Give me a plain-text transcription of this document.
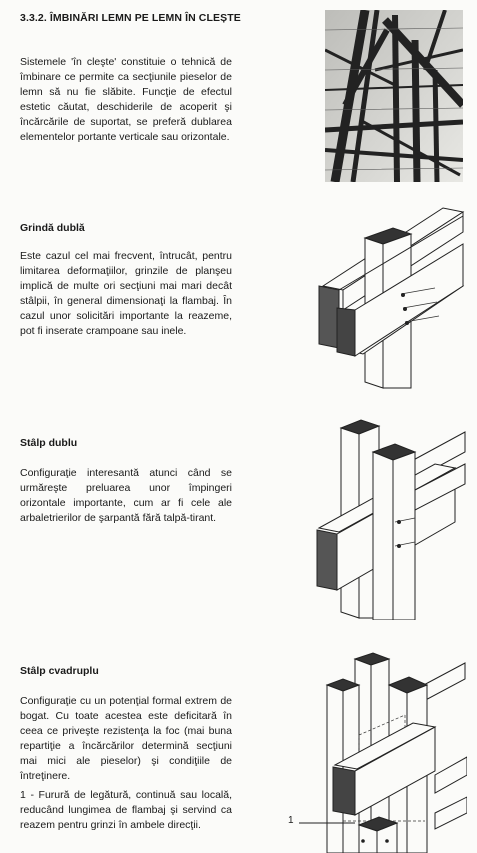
3.3.2. ÎMBINĂRI LEMN PE LEMN ÎN CLEȘTE
Sistemele 'în cleşte' constituie o tehnică de îmbinare ce permite ca secţiunile pieselor de lemn să nu fie slăbite. Funcţie de efectul estetic căutat, deschiderile de acoperit şi încărcările de suportat, se preferă dublarea elementelor portante verticale sau orizontale.
Grindă dublă
Este cazul cel mai frecvent, întrucât, pentru limitarea deformaţiilor, grinzile de planşeu implică de multe ori secţiuni mai mari decât stâlpii, în general dimensionaţi la flambaj. În cazul unor solicitări importante la reazeme, pot fi inserate crampoane sau inele.
Stâlp dublu
Configuraţie interesantă atunci când se urmăreşte preluarea unor împingeri orizontale importante, cum ar fi cele ale arbaletrierilor de şarpantă fără talpă-tirant.
Stâlp cvadruplu
Configuraţie cu un potenţial formal extrem de bogat. Cu toate acestea este deficitară în ceea ce priveşte rezistenţa la foc (mai buna repartiţie a încărcărilor determină secţiuni mai mici ale pieselor) şi condiţiile de întreţinere.
1 - Furură de legătură, continuă sau locală, reducând lungimea de flambaj şi servind ca reazem pentru grinzi în ambele direcţii.	1
